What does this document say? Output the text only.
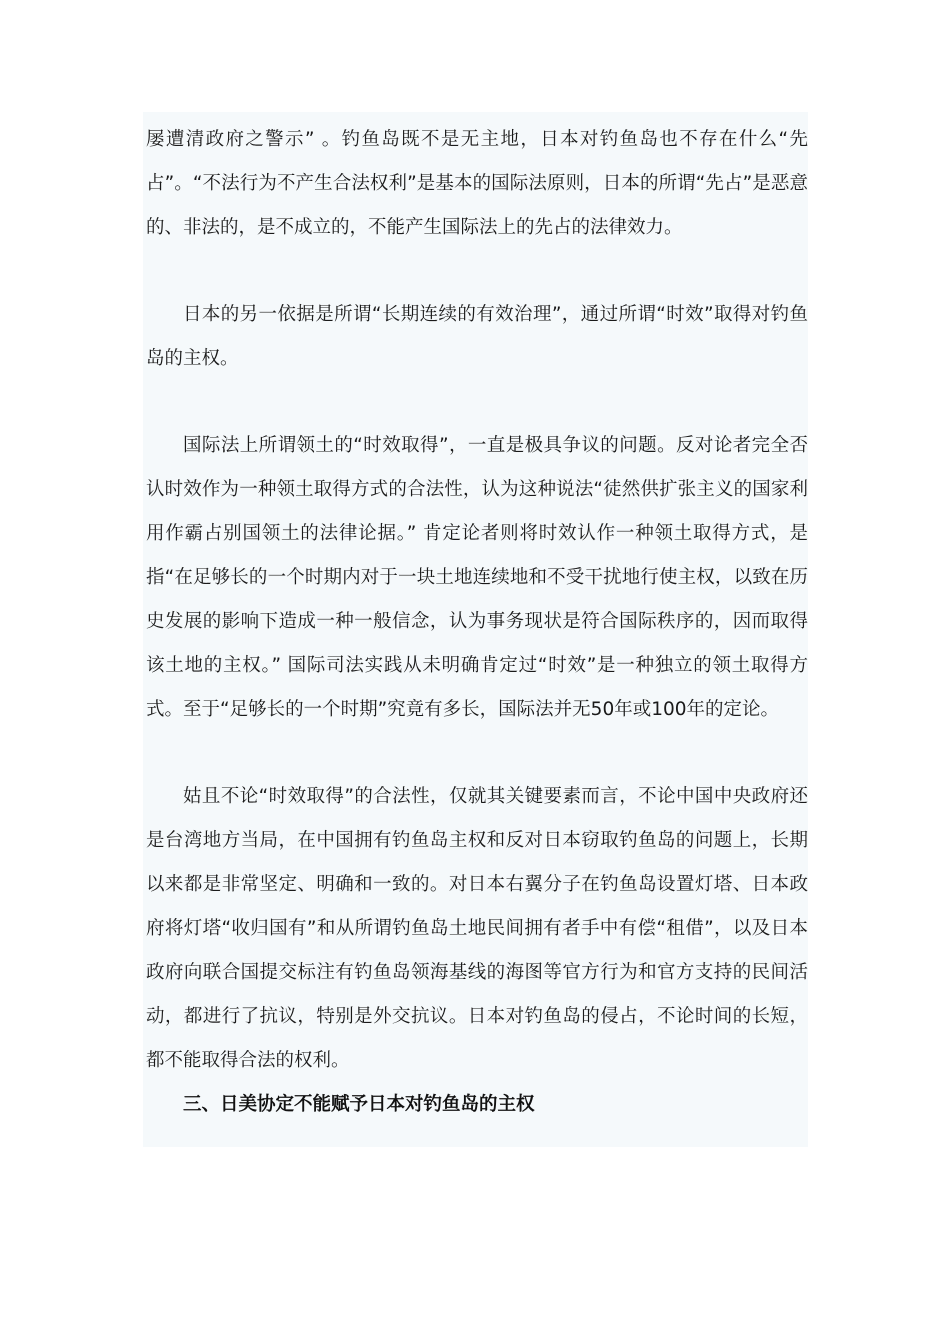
屡遭清政府之警示” 。钓鱼岛既不是无主地，日本对钓鱼岛也不存在什么“先占”。“不法行为不产生合法权利”是基本的国际法原则，日本的所谓“先占”是恶意的、非法的，是不成立的，不能产生国际法上的先占的法律效力。

日本的另一依据是所谓“长期连续的有效治理”，通过所谓“时效”取得对钓鱼岛的主权。

国际法上所谓领土的“时效取得”，一直是极具争议的问题。反对论者完全否认时效作为一种领土取得方式的合法性，认为这种说法“徒然供扩张主义的国家利用作霸占别国领土的法律论据。” 肯定论者则将时效认作一种领土取得方式，是指“在足够长的一个时期内对于一块土地连续地和不受干扰地行使主权，以致在历史发展的影响下造成一种一般信念，认为事务现状是符合国际秩序的，因而取得该土地的主权。” 国际司法实践从未明确肯定过“时效”是一种独立的领土取得方式。至于“足够长的一个时期”究竟有多长，国际法并无50年或100年的定论。

姑且不论“时效取得”的合法性，仅就其关键要素而言，不论中国中央政府还是台湾地方当局，在中国拥有钓鱼岛主权和反对日本窃取钓鱼岛的问题上，长期以来都是非常坚定、明确和一致的。对日本右翼分子在钓鱼岛设置灯塔、日本政府将灯塔“收归国有”和从所谓钓鱼岛土地民间拥有者手中有偿“租借”，以及日本政府向联合国提交标注有钓鱼岛领海基线的海图等官方行为和官方支持的民间活动，都进行了抗议，特别是外交抗议。日本对钓鱼岛的侵占，不论时间的长短，都不能取得合法的权利。

三、日美协定不能赋予日本对钓鱼岛的主权
